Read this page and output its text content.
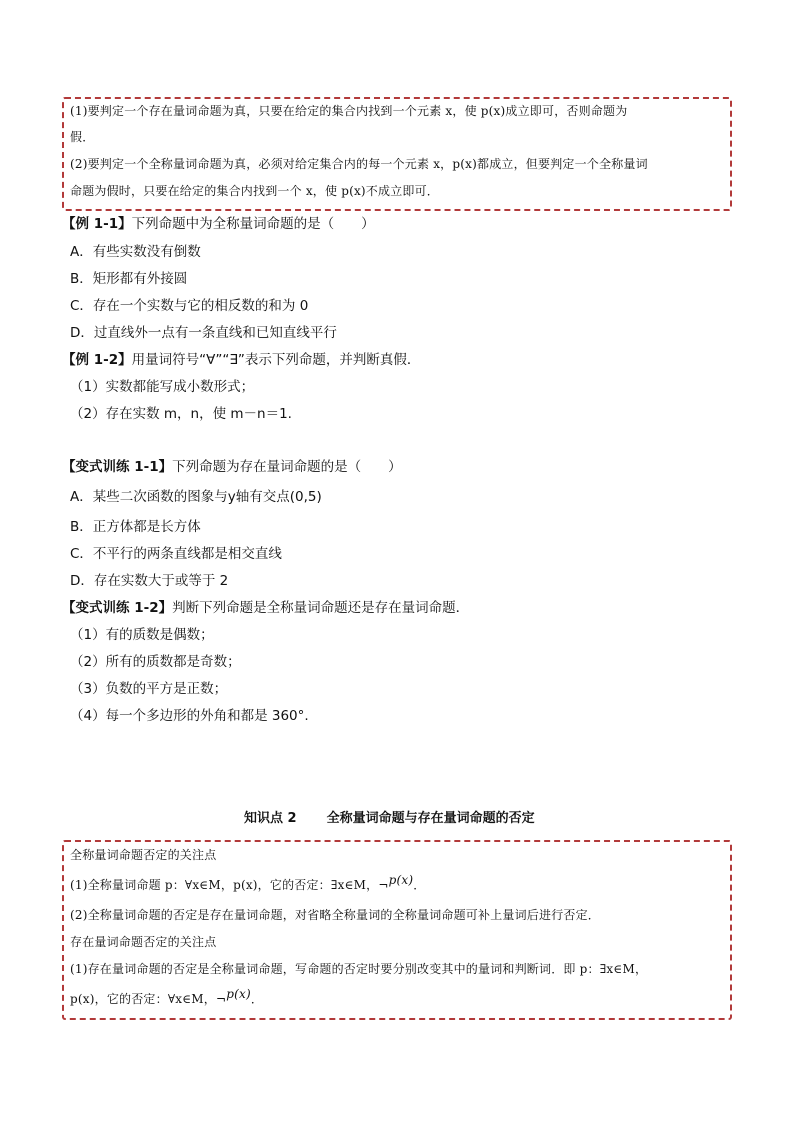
(1)要判定一个存在量词命题为真，只要在给定的集合内找到一个元素 x，使 p(x)成立即可，否则命题为
假．
(2)要判定一个全称量词命题为真，必须对给定集合内的每一个元素 x，p(x)都成立，但要判定一个全称量词
命题为假时，只要在给定的集合内找到一个 x，使 p(x)不成立即可．
【例 1-1】下列命题中为全称量词命题的是（　　）
A．有些实数没有倒数
B．矩形都有外接圆
C．存在一个实数与它的相反数的和为 0
D．过直线外一点有一条直线和已知直线平行
【例 1-2】用量词符号“∀”“∃”表示下列命题，并判断真假．
（1）实数都能写成小数形式；
（2）存在实数 m，n，使 m－n＝1.
【变式训练 1-1】下列命题为存在量词命题的是（　　）
A．某些二次函数的图象与y轴有交点(0,5)
B．正方体都是长方体
C．不平行的两条直线都是相交直线
D．存在实数大于或等于 2
【变式训练 1-2】判断下列命题是全称量词命题还是存在量词命题．
（1）有的质数是偶数；
（2）所有的质数都是奇数；
（3）负数的平方是正数；
（4）每一个多边形的外角和都是 360°.
知识点 2 全称量词命题与存在量词命题的否定
全称量词命题否定的关注点
(1)全称量词命题 p：∀x∈M，p(x)，它的否定：∃x∈M，¬p(x)．
(2)全称量词命题的否定是存在量词命题，对省略全称量词的全称量词命题可补上量词后进行否定．
存在量词命题否定的关注点
(1)存在量词命题的否定是全称量词命题，写命题的否定时要分别改变其中的量词和判断词．即 p：∃x∈M，
p(x)，它的否定：∀x∈M，¬p(x)．
